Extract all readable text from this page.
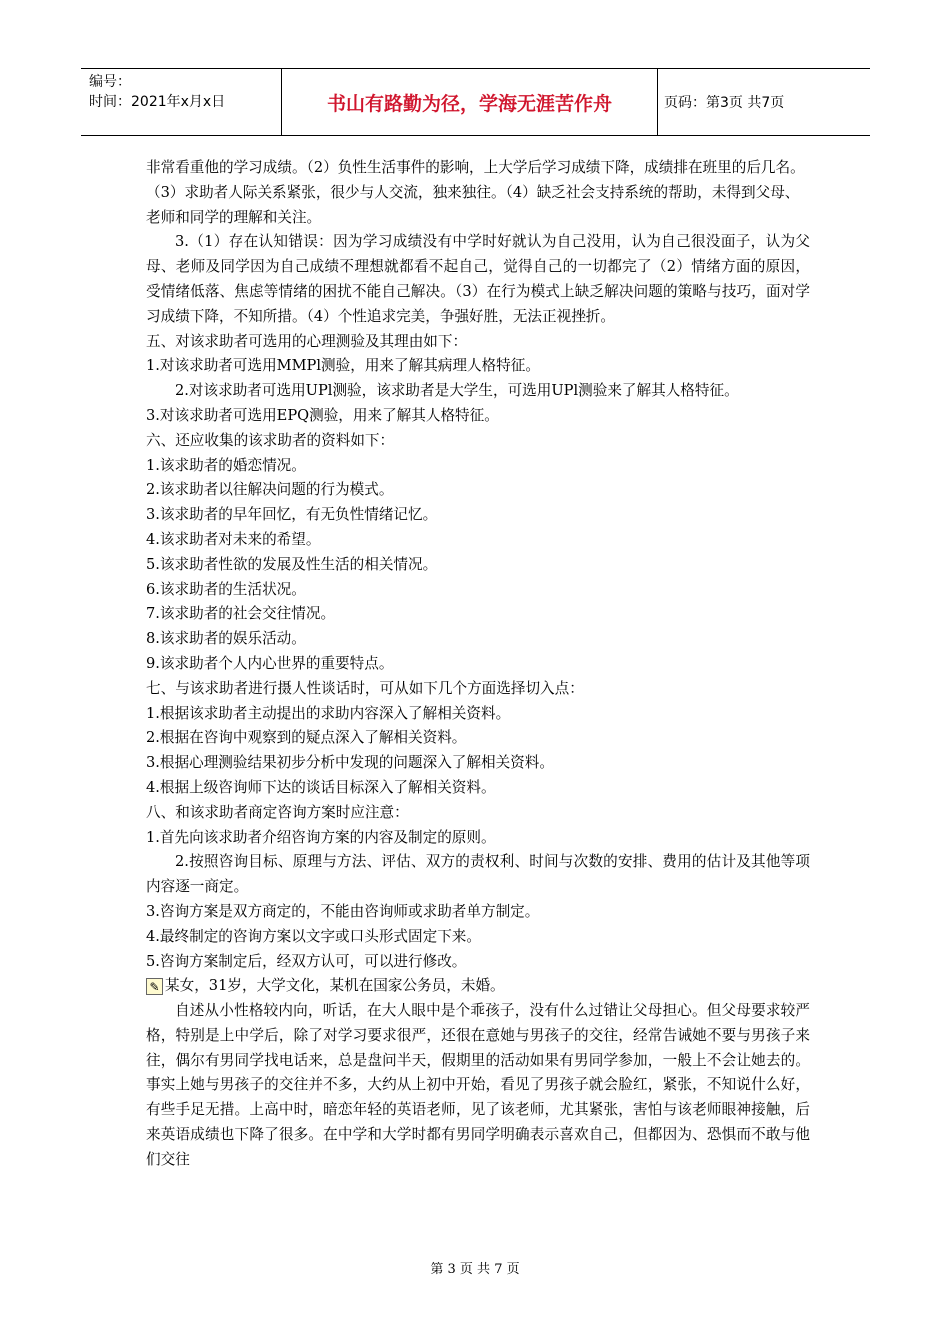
编号：
时间：2021年x月x日	书山有路勤为径，学海无涯苦作舟	页码：第3页 共7页

非常看重他的学习成绩。（2）负性生活事件的影响，上大学后学习成绩下降，成绩排在班里的后几名。（3）求助者人际关系紧张，很少与人交流，独来独往。（4）缺乏社会支持系统的帮助，未得到父母、老师和同学的理解和关注。

3.（1）存在认知错误：因为学习成绩没有中学时好就认为自己没用，认为自己很没面子，认为父母、老师及同学因为自己成绩不理想就都看不起自己，觉得自己的一切都完了（2）情绪方面的原因，受情绪低落、焦虑等情绪的困扰不能自己解决。（3）在行为模式上缺乏解决问题的策略与技巧，面对学习成绩下降，不知所措。（4）个性追求完美，争强好胜，无法正视挫折。

五、对该求助者可选用的心理测验及其理由如下：

1.对该求助者可选用MMPl测验，用来了解其病理人格特征。

2.对该求助者可选用UPl测验，该求助者是大学生，可选用UPl测验来了解其人格特征。

3.对该求助者可选用EPQ测验，用来了解其人格特征。

六、还应收集的该求助者的资料如下：

1.该求助者的婚恋情况。

2.该求助者以往解决问题的行为模式。

3.该求助者的早年回忆，有无负性情绪记忆。

4.该求助者对未来的希望。

5.该求助者性欲的发展及性生活的相关情况。

6.该求助者的生活状况。

7.该求助者的社会交往情况。

8.该求助者的娱乐活动。

9.该求助者个人内心世界的重要特点。

七、与该求助者进行摄人性谈话时，可从如下几个方面选择切入点：

1.根据该求助者主动提出的求助内容深入了解相关资料。

2.根据在咨询中观察到的疑点深入了解相关资料。

3.根据心理测验结果初步分析中发现的问题深入了解相关资料。

4.根据上级咨询师下达的谈话目标深入了解相关资料。

八、和该求助者商定咨询方案时应注意：

1.首先向该求助者介绍咨询方案的内容及制定的原则。

2.按照咨询目标、原理与方法、评估、双方的责权利、时间与次数的安排、费用的估计及其他等项内容逐一商定。

3.咨询方案是双方商定的，不能由咨询师或求助者单方制定。

4.最终制定的咨询方案以文字或口头形式固定下来。

5.咨询方案制定后，经双方认可，可以进行修改。

✎ 某女，31岁，大学文化，某机在国家公务员，未婚。

自述从小性格较内向，听话，在大人眼中是个乖孩子，没有什么过错让父母担心。但父母要求较严格，特别是上中学后，除了对学习要求很严，还很在意她与男孩子的交往，经常告诫她不要与男孩子来往，偶尔有男同学找电话来，总是盘问半天，假期里的活动如果有男同学参加，一般上不会让她去的。事实上她与男孩子的交往并不多，大约从上初中开始，看见了男孩子就会脸红，紧张，不知说什么好，有些手足无措。上高中时，暗恋年轻的英语老师，见了该老师，尤其紧张，害怕与该老师眼神接触，后来英语成绩也下降了很多。在中学和大学时都有男同学明确表示喜欢自己，但都因为、恐惧而不敢与他们交往

第 3 页 共 7 页
